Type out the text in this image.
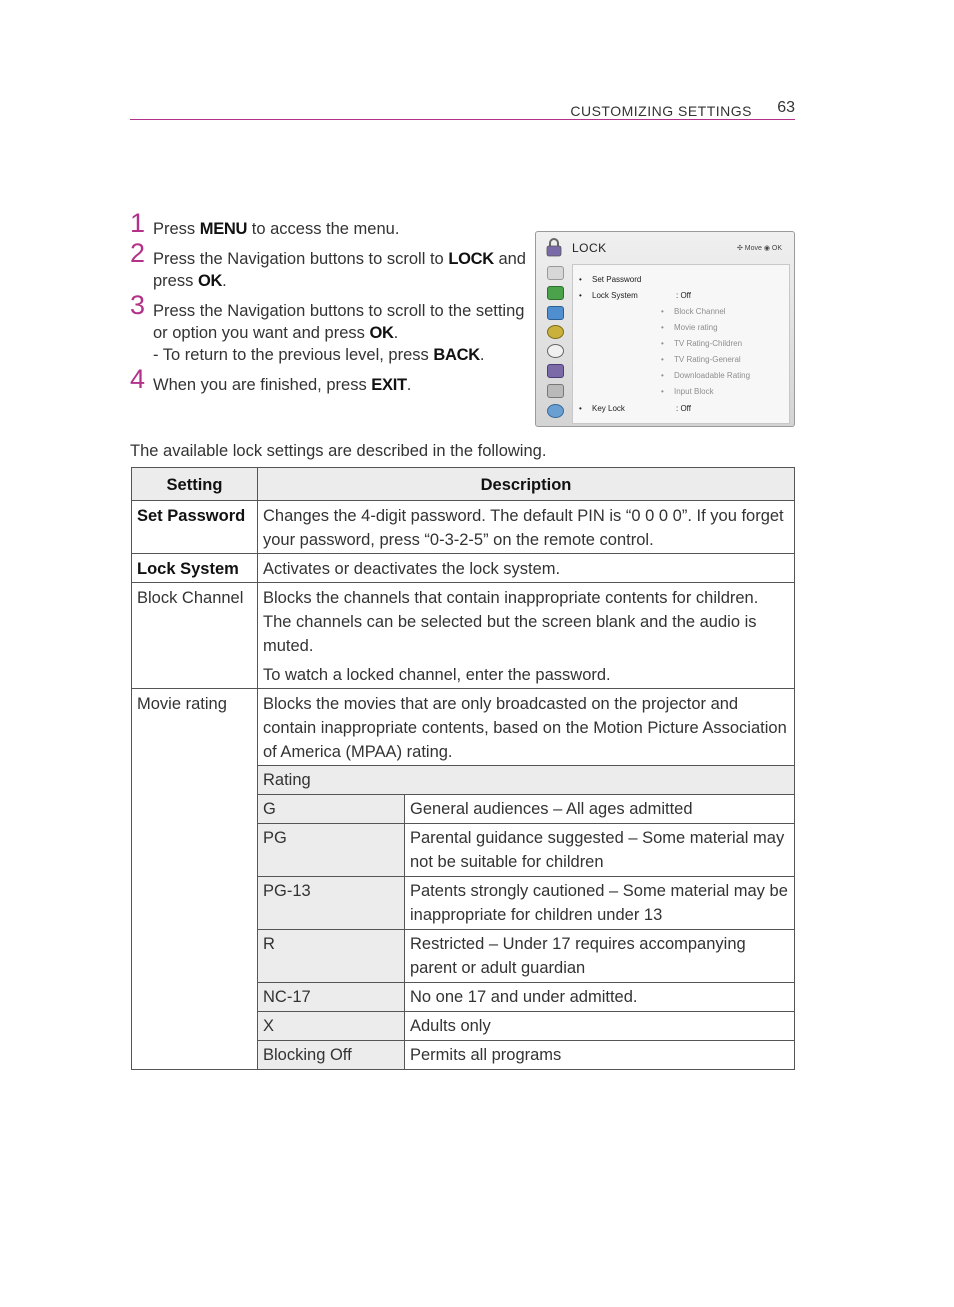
CUSTOMIZING SETTINGS 63
1 Press MENU to access the menu.
2 Press the Navigation buttons to scroll to LOCK and press OK.
3 Press the Navigation buttons to scroll to the setting or option you want and press OK.
- To return to the previous level, press BACK.
4 When you are finished, press EXIT.
LOCK	✣ Move ◉ OK
• Set Password
• Lock System	: Off
• Block Channel
• Movie rating
• TV Rating-Children
• TV Rating-General
• Downloadable Rating
• Input Block
• Key Lock	: Off
The available lock settings are described in the following.
Setting	Description	
Set Password	Changes the 4-digit password. The default PIN is “0 0 0 0”. If you forget your password, press “0-3-2-5” on the remote control.	
Lock System	Activates or deactivates the lock system.	
Block Channel	Blocks the channels that contain inappropriate contents for children. The channels can be selected but the screen blank and the audio is muted.
To watch a locked channel, enter the password.	

Movie rating	Blocks the movies that are only broadcasted on the projector and contain inappropriate contents, based on the Motion Picture Association of America (MPAA) rating.	
	Rating	
	G	General audiences – All ages admitted
	PG	Parental guidance suggested – Some material may not be suitable for children
	PG-13	Patents strongly cautioned – Some material may be inappropriate for children under 13
	R	Restricted – Under 17 requires accompanying parent or adult guardian
	NC-17	No one 17 and under admitted.
	X	Adults only
	Blocking Off	Permits all programs
